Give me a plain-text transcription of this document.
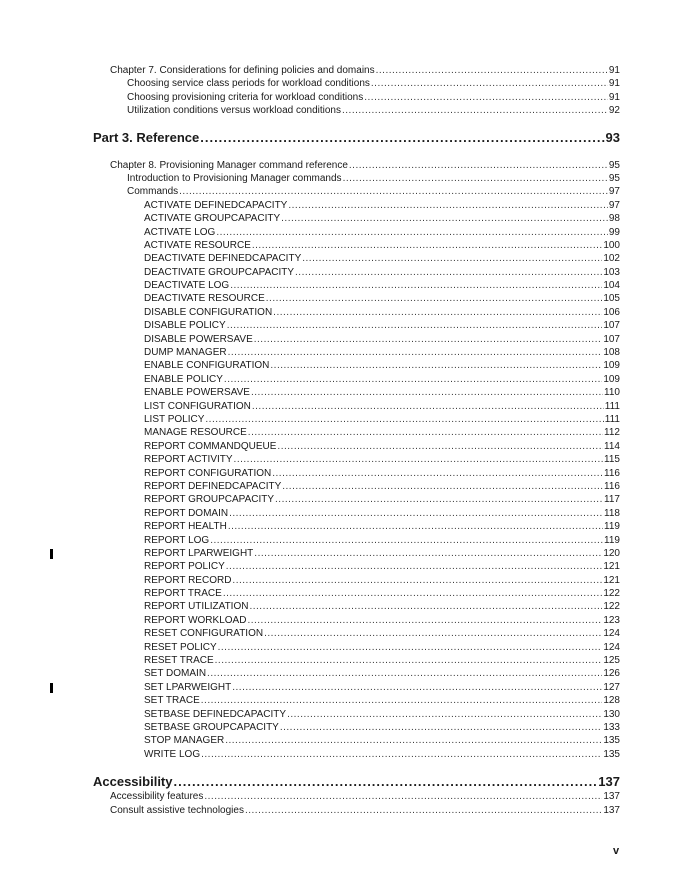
Chapter 7. Considerations for defining policies and domains .....	91
Choosing service class periods for workload conditions .....	91
Choosing provisioning criteria for workload conditions .....	91
Utilization conditions versus workload conditions .....	92
Part 3. Reference .....	93
Chapter 8. Provisioning Manager command reference .....	95
Introduction to Provisioning Manager commands .....	95
Commands .....	97
ACTIVATE DEFINEDCAPACITY .....	97
ACTIVATE GROUPCAPACITY .....	98
ACTIVATE LOG .....	99
ACTIVATE RESOURCE .....	100
DEACTIVATE DEFINEDCAPACITY .....	102
DEACTIVATE GROUPCAPACITY .....	103
DEACTIVATE LOG .....	104
DEACTIVATE RESOURCE .....	105
DISABLE CONFIGURATION .....	106
DISABLE POLICY .....	107
DISABLE POWERSAVE .....	107
DUMP MANAGER .....	108
ENABLE CONFIGURATION .....	109
ENABLE POLICY .....	109
ENABLE POWERSAVE .....	110
LIST CONFIGURATION .....	111
LIST POLICY .....	111
MANAGE RESOURCE .....	112
REPORT COMMANDQUEUE .....	114
REPORT ACTIVITY .....	115
REPORT CONFIGURATION .....	116
REPORT DEFINEDCAPACITY .....	116
REPORT GROUPCAPACITY .....	117
REPORT DOMAIN .....	118
REPORT HEALTH .....	119
REPORT LOG .....	119
REPORT LPARWEIGHT .....	120
REPORT POLICY .....	121
REPORT RECORD .....	121
REPORT TRACE .....	122
REPORT UTILIZATION .....	122
REPORT WORKLOAD .....	123
RESET CONFIGURATION .....	124
RESET POLICY .....	124
RESET TRACE .....	125
SET DOMAIN .....	126
SET LPARWEIGHT .....	127
SET TRACE .....	128
SETBASE DEFINEDCAPACITY .....	130
SETBASE GROUPCAPACITY .....	133
STOP MANAGER .....	135
WRITE LOG .....	135
Accessibility .....	137
Accessibility features .....	137
Consult assistive technologies .....	137
v
